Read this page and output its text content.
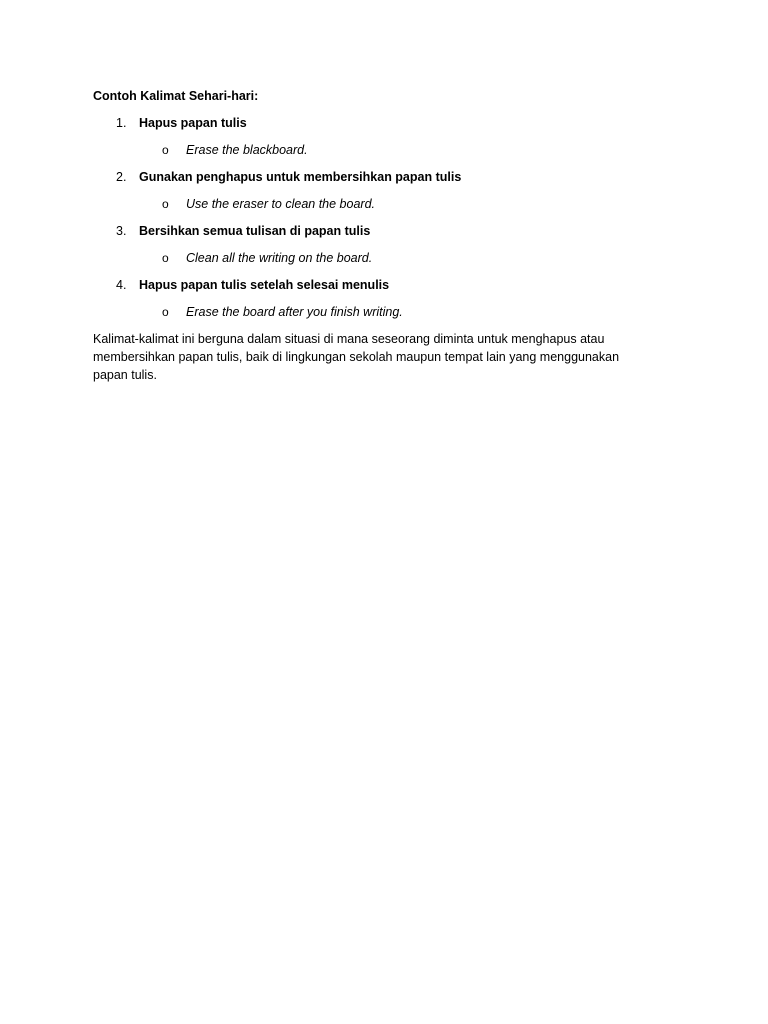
Contoh Kalimat Sehari-hari:
1. Hapus papan tulis
o Erase the blackboard.
2. Gunakan penghapus untuk membersihkan papan tulis
o Use the eraser to clean the board.
3. Bersihkan semua tulisan di papan tulis
o Clean all the writing on the board.
4. Hapus papan tulis setelah selesai menulis
o Erase the board after you finish writing.

Kalimat-kalimat ini berguna dalam situasi di mana seseorang diminta untuk menghapus atau
membersihkan papan tulis, baik di lingkungan sekolah maupun tempat lain yang menggunakan
papan tulis.
